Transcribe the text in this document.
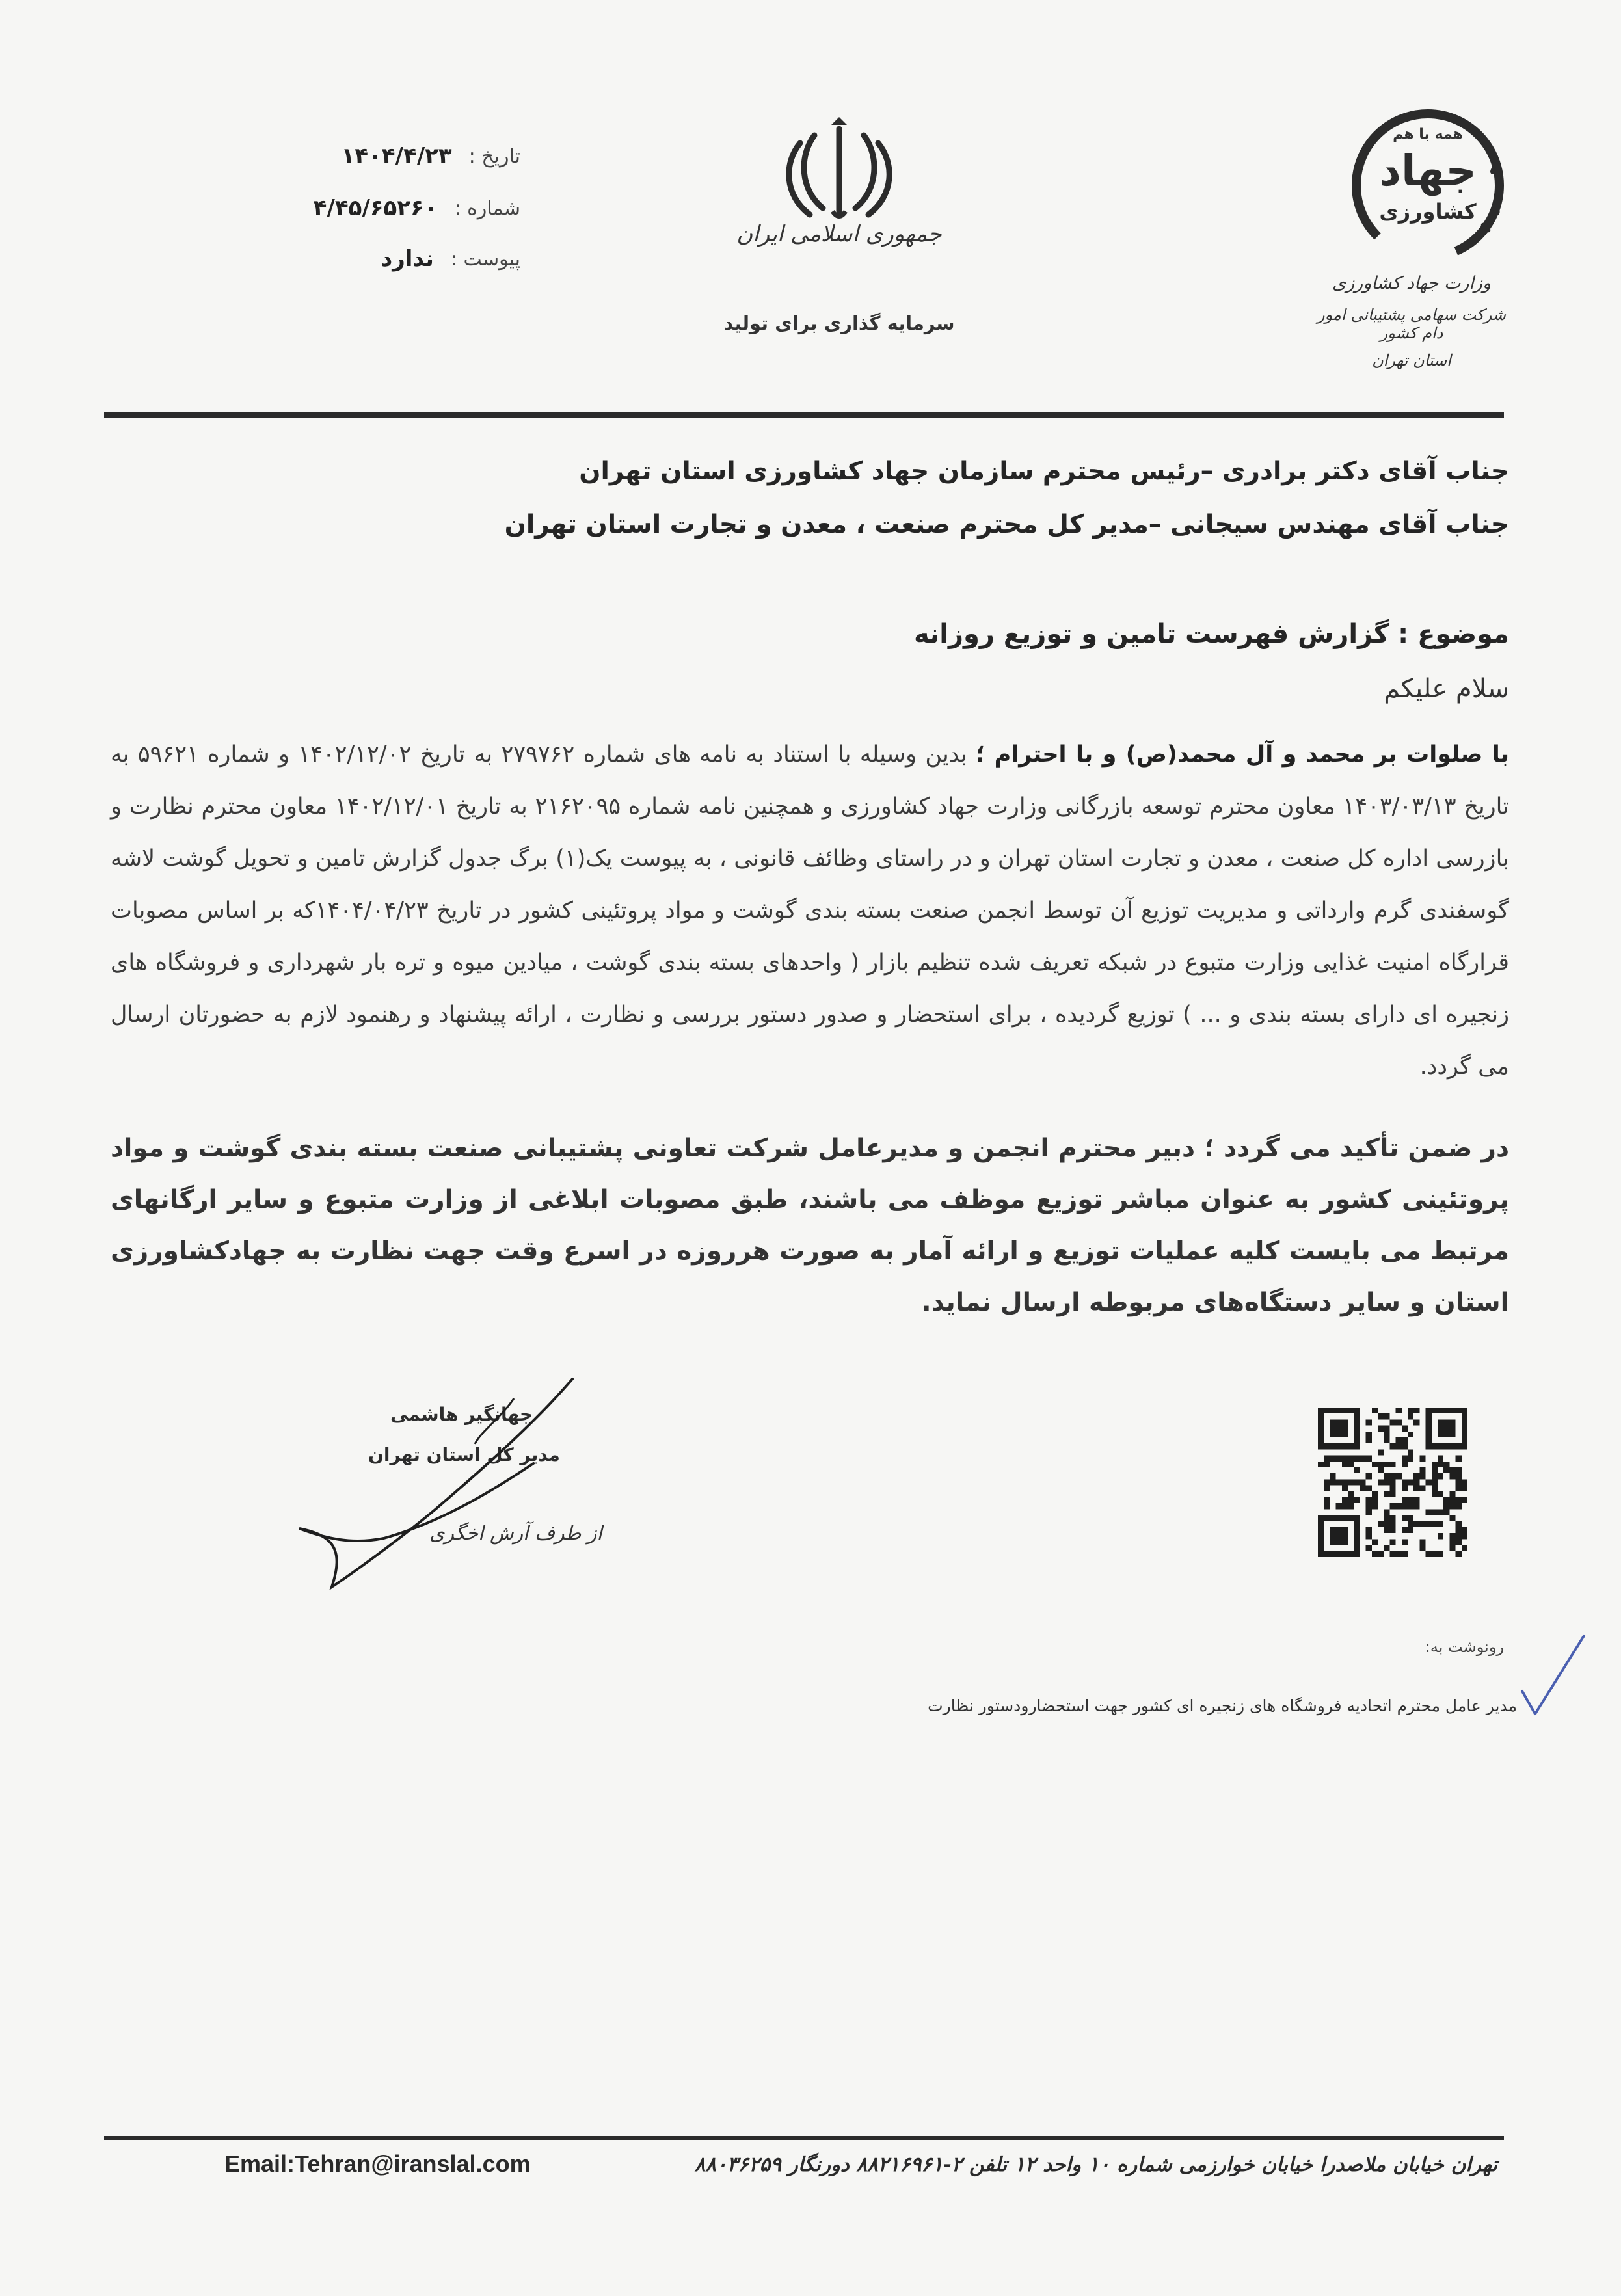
تاریخ :
۱۴۰۴/۴/۲۳
شماره :
۴/۴۵/۶۵۲۶۰
پیوست :
ندارد
جمهوری اسلامی ایران
سرمایه گذاری برای تولید
همه با هم
جهاد
کشاورزی
وزارت جهاد کشاورزی
شرکت سهامی پشتیبانی امور دام کشور
استان تهران
جناب آقای دکتر برادری –رئیس محترم سازمان جهاد کشاورزی استان تهران
جناب آقای مهندس سیجانی –مدیر کل محترم صنعت ، معدن و تجارت استان تهران
موضوع : گزارش فهرست تامین و توزیع روزانه
سلام علیکم
با صلوات بر محمد و آل محمد(ص) و با احترام ؛ بدین وسیله با استناد به نامه های شماره ۲۷۹۷۶۲ به تاریخ ۱۴۰۲/۱۲/۰۲ و شماره ۵۹۶۲۱ به تاریخ ۱۴۰۳/۰۳/۱۳ معاون محترم توسعه بازرگانی وزارت جهاد کشاورزی و همچنین نامه شماره ۲۱۶۲۰۹۵ به تاریخ ۱۴۰۲/۱۲/۰۱ معاون محترم نظارت و بازرسی اداره کل صنعت ، معدن و تجارت استان تهران و در راستای وظائف قانونی ، به پیوست یک(۱) برگ جدول گزارش تامین و تحویل گوشت لاشه گوسفندی گرم وارداتی و مدیریت توزیع آن توسط انجمن صنعت بسته بندی گوشت و مواد پروتئینی کشور در تاریخ ۱۴۰۴/۰۴/۲۳که بر اساس مصوبات قرارگاه امنیت غذایی وزارت متبوع در شبکه تعریف شده تنظیم بازار ( واحدهای بسته بندی گوشت ، میادین میوه و تره بار شهرداری و فروشگاه های زنجیره ای دارای بسته بندی و ... ) توزیع گردیده ، برای استحضار و صدور دستور بررسی و نظارت ، ارائه پیشنهاد و رهنمود لازم به حضورتان ارسال می گردد.
در ضمن تأکید می گردد ؛ دبیر محترم انجمن و مدیرعامل شرکت تعاونی پشتیبانی صنعت بسته بندی گوشت و مواد پروتئینی کشور به عنوان مباشر توزیع موظف می باشند، طبق مصوبات ابلاغی از وزارت متبوع و سایر ارگانهای مرتبط می بایست کلیه عملیات توزیع و ارائه آمار به صورت هرروزه در اسرع وقت جهت نظارت به جهادکشاورزی استان و سایر دستگاه‌های مربوطه ارسال نماید.
جهانگیر هاشمی
مدیر کل استان تهران
از طرف آرش اخگری
رونوشت به:
مدیر عامل محترم اتحادیه فروشگاه های زنجیره ای کشور جهت استحضارودستور نظارت
تهران خیابان ملاصدرا خیابان خوارزمی شماره ۱۰ واحد ۱۲ تلفن ۲-۸۸۲۱۶۹۶۱ دورنگار ۸۸۰۳۶۲۵۹
Email:Tehran@iranslal.com
